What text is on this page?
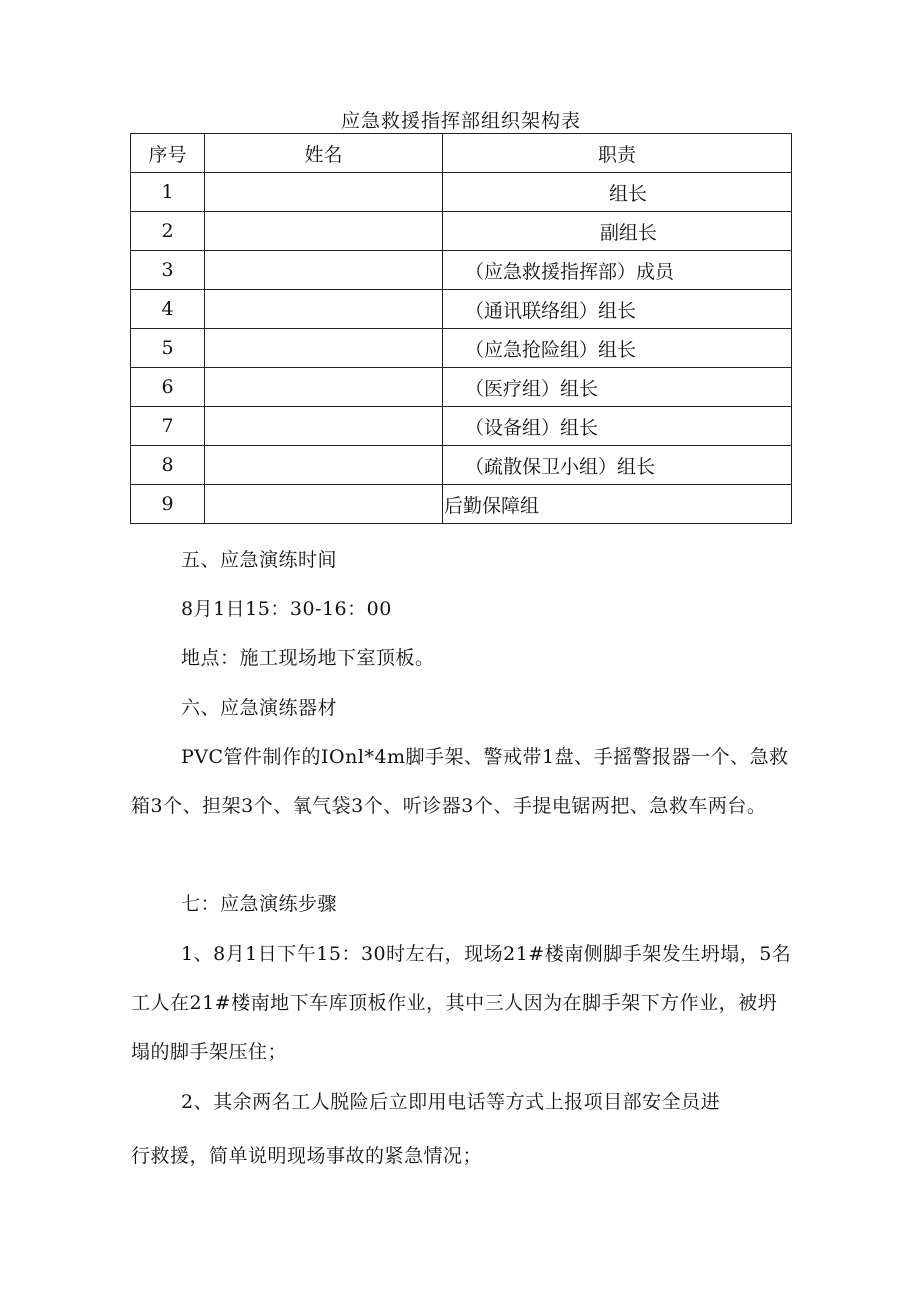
应急救援指挥部组织架构表
序号	姓名	职责
1		组长
2		副组长
3		（应急救援指挥部）成员
4		（通讯联络组）组长
5		（应急抢险组）组长
6		（医疗组）组长
7		（设备组）组长
8		（疏散保卫小组）组长
9		后勤保障组
五、应急演练时间
8月1日15：30-16：00
地点：施工现场地下室顶板。
六、应急演练器材
PVC管件制作的IOnl*4m脚手架、警戒带1盘、手摇警报器一个、急救箱3个、担架3个、氧气袋3个、听诊器3个、手提电锯两把、急救车两台。
七：应急演练步骤
1、8月1日下午15：30时左右，现场21#楼南侧脚手架发生坍塌，5名工人在21#楼南地下车库顶板作业，其中三人因为在脚手架下方作业，被坍塌的脚手架压住；
2、其余两名工人脱险后立即用电话等方式上报项目部安全员进
行救援，简单说明现场事故的紧急情况；
